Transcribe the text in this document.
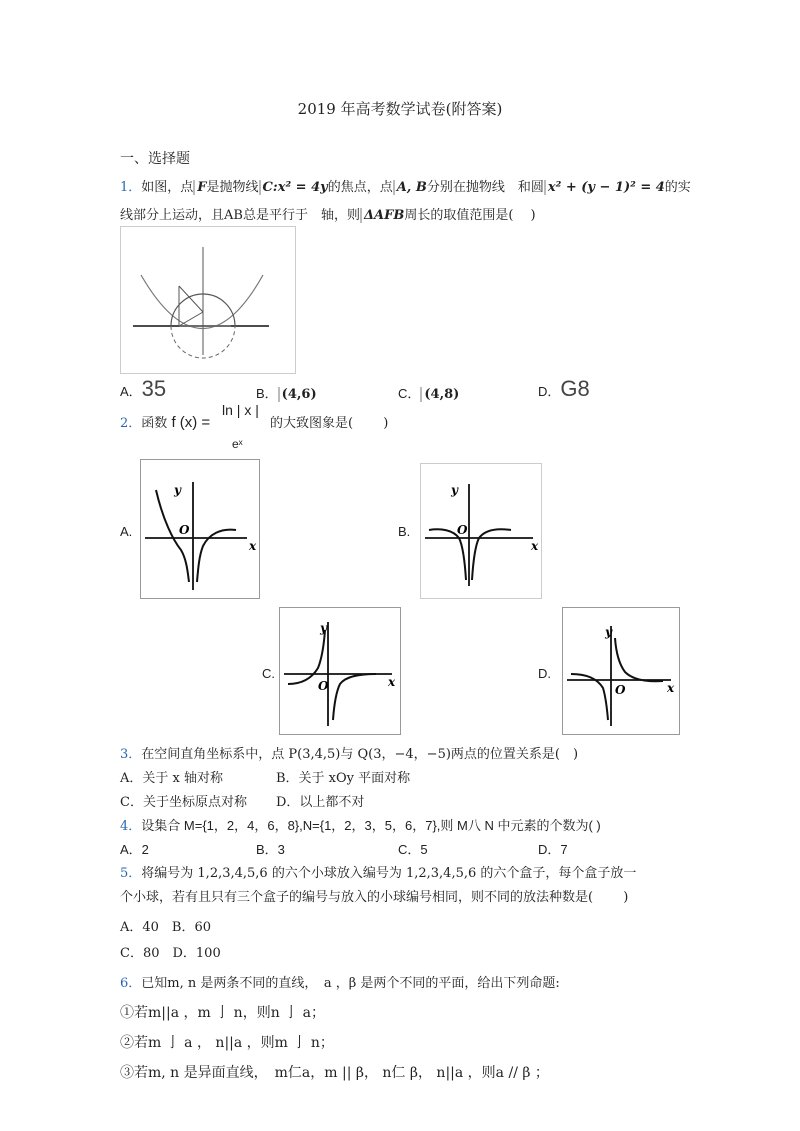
2019 年高考数学试卷(附答案)
一、选择题
1．如图，点 F是抛物线 C:x² = 4y的焦点，点 A, B分别在抛物线　和圆 x² + (y − 1)² = 4的实
线部分上运动，且AB总是平行于　轴，则 ΔAFB周长的取值范围是(　 )
A．35	B． (4,6)	C． (4,8)	D．G8
2．函数 f (x) =
ln | x |
eˣ
的大致图象是(　 　)
A.
y
x
O	B.
y
x
O
C.
y
x
O
D.
y
x
O
3．在空间直角坐标系中，点 P(3,4,5)与 Q(3，−4，−5)两点的位置关系是(　)
A．关于 x 轴对称	B．关于 xOy 平面对称
C．关于坐标原点对称 D．以上都不对
4．设集合 M={1，2，4，6，8},N={1，2，3，5，6，7},则 M八 N 中元素的个数为( )
A．2	B．3	C．5	D．7
5．将编号为 1,2,3,4,5,6 的六个小球放入编号为 1,2,3,4,5,6 的六个盒子，每个盒子放一
个小球，若有且只有三个盒子的编号与放入的小球编号相同，则不同的放法种数是(　 　)
A．40　B．60
C．80　D．100
6．已知m, n 是两条不同的直线，　a ，β 是两个不同的平面，给出下列命题:
①若m||a ，m 亅 n，则n 亅 a；
②若m 亅 a ， n||a ，则m 亅 n；
③若m, n 是异面直线，　m仁a，m || β， n仁 β， n||a ，则a // β ；
